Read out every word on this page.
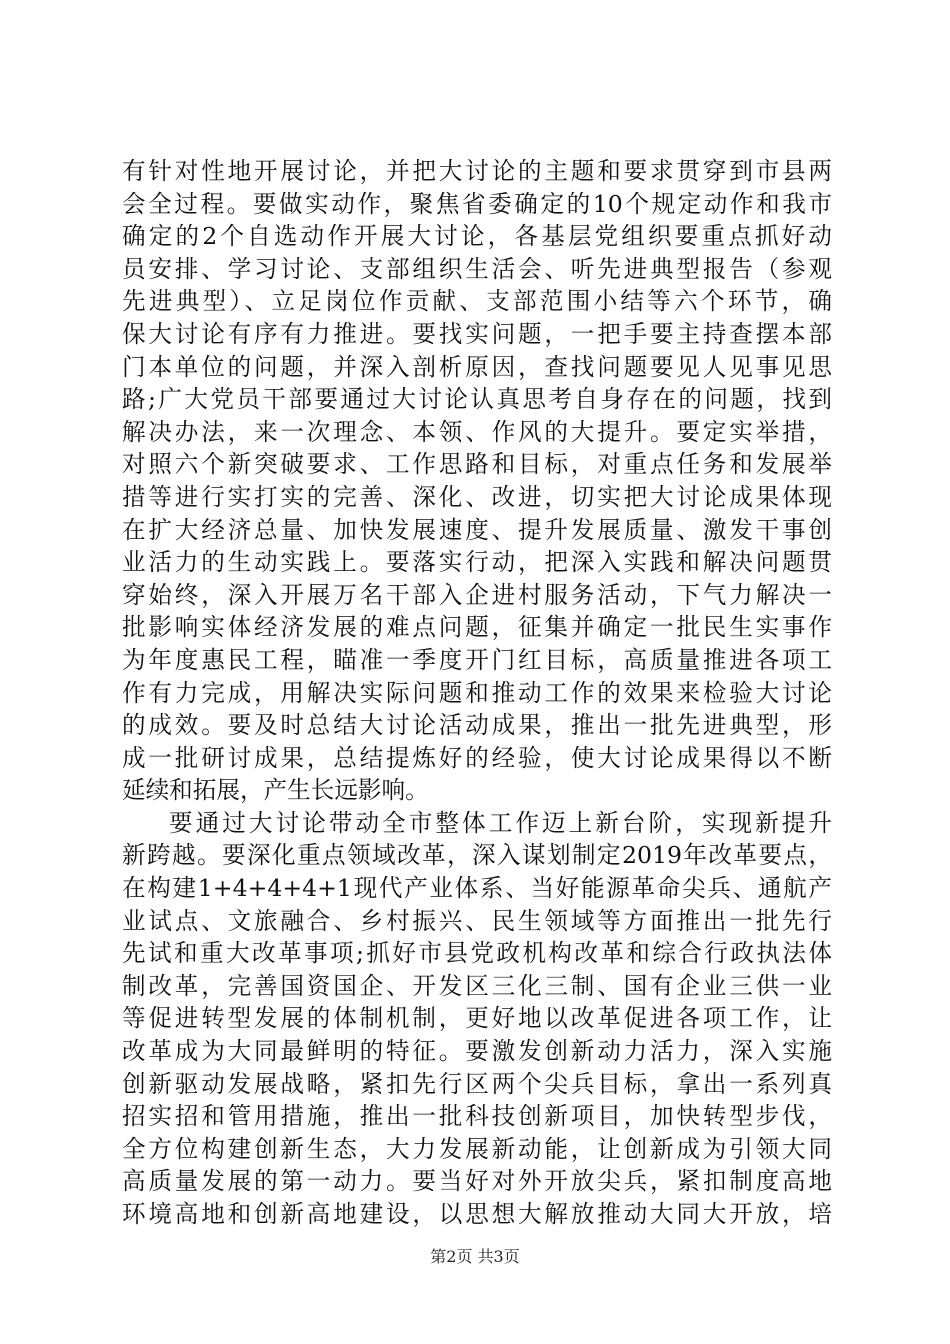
有针对性地开展讨论，并把大讨论的主题和要求贯穿到市县两
会全过程。要做实动作，聚焦省委确定的10个规定动作和我市
确定的2个自选动作开展大讨论，各基层党组织要重点抓好动
员安排、学习讨论、支部组织生活会、听先进典型报告（参观
先进典型）、立足岗位作贡献、支部范围小结等六个环节，确
保大讨论有序有力推进。要找实问题，一把手要主持查摆本部
门本单位的问题，并深入剖析原因，查找问题要见人见事见思
路;广大党员干部要通过大讨论认真思考自身存在的问题，找到
解决办法，来一次理念、本领、作风的大提升。要定实举措，
对照六个新突破要求、工作思路和目标，对重点任务和发展举
措等进行实打实的完善、深化、改进，切实把大讨论成果体现
在扩大经济总量、加快发展速度、提升发展质量、激发干事创
业活力的生动实践上。要落实行动，把深入实践和解决问题贯
穿始终，深入开展万名干部入企进村服务活动，下气力解决一
批影响实体经济发展的难点问题，征集并确定一批民生实事作
为年度惠民工程，瞄准一季度开门红目标，高质量推进各项工
作有力完成，用解决实际问题和推动工作的效果来检验大讨论
的成效。要及时总结大讨论活动成果，推出一批先进典型，形
成一批研讨成果，总结提炼好的经验，使大讨论成果得以不断
延续和拓展，产生长远影响。
要通过大讨论带动全市整体工作迈上新台阶，实现新提升
新跨越。要深化重点领域改革，深入谋划制定2019年改革要点，
在构建1+4+4+4+1现代产业体系、当好能源革命尖兵、通航产
业试点、文旅融合、乡村振兴、民生领域等方面推出一批先行
先试和重大改革事项;抓好市县党政机构改革和综合行政执法体
制改革，完善国资国企、开发区三化三制、国有企业三供一业
等促进转型发展的体制机制，更好地以改革促进各项工作，让
改革成为大同最鲜明的特征。要激发创新动力活力，深入实施
创新驱动发展战略，紧扣先行区两个尖兵目标，拿出一系列真
招实招和管用措施，推出一批科技创新项目，加快转型步伐，
全方位构建创新生态，大力发展新动能，让创新成为引领大同
高质量发展的第一动力。要当好对外开放尖兵，紧扣制度高地
环境高地和创新高地建设，以思想大解放推动大同大开放，培
第2页 共3页
